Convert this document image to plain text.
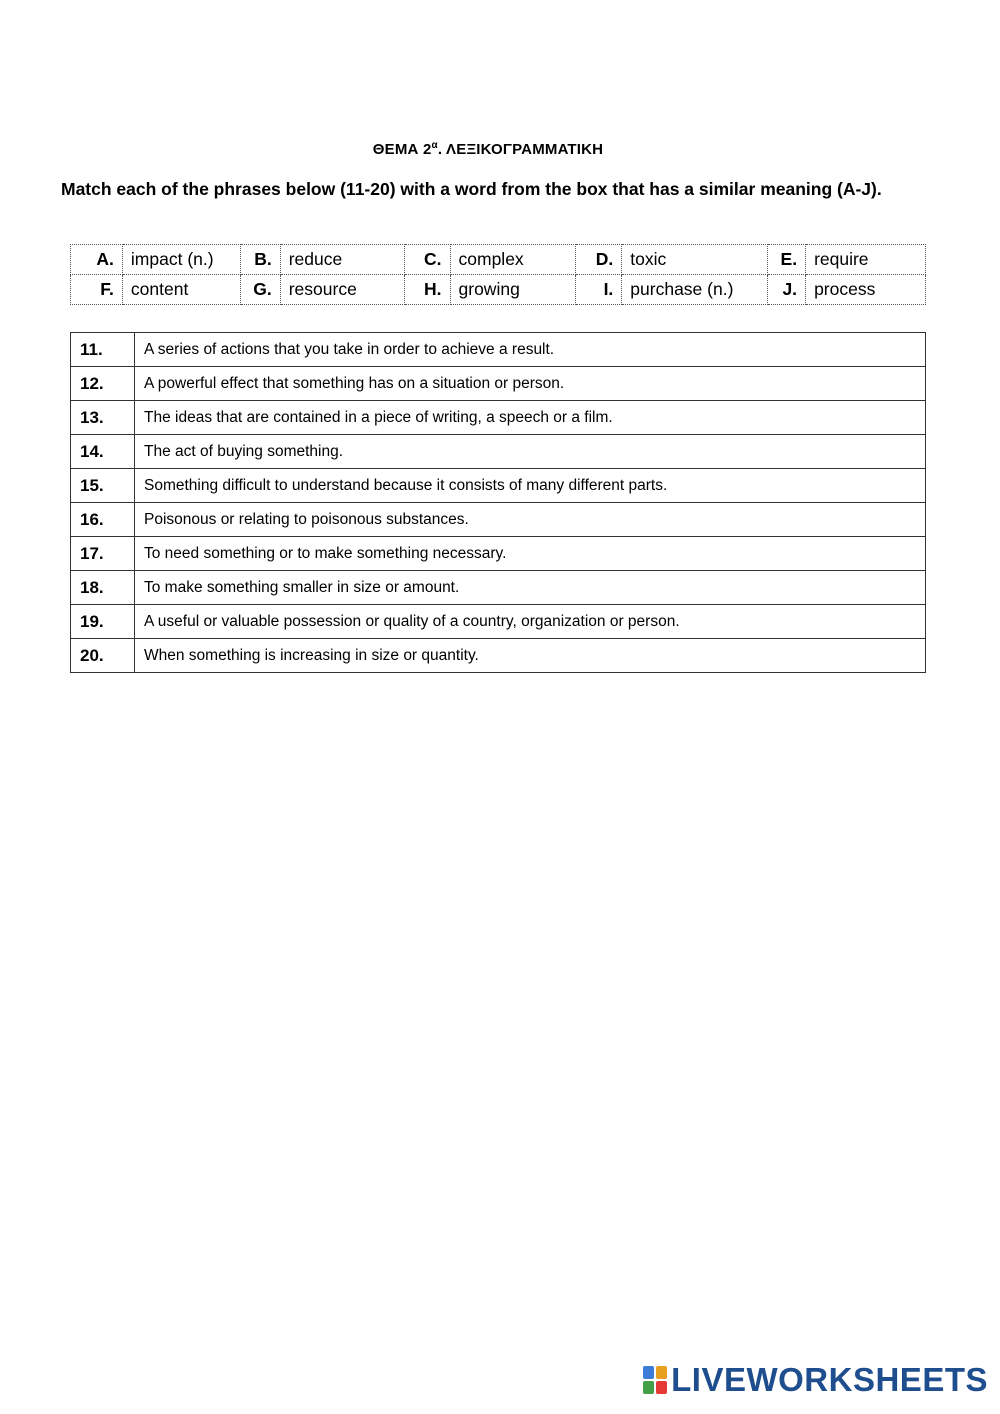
ΘΕΜΑ $2^\alpha$. ΛΕΞΙΚΟΓΡΑΜΜΑΤΙΚΗ
Match each of the phrases below (11-20) with a word from the box that has a similar meaning (A-J).
A.	impact (n.)	B.	reduce	C.	complex	D.	toxic	E.	require
F.	content	G.	resource	H.	growing	I.	purchase (n.)	J.	process
11.	A series of actions that you take in order to achieve a result.
12.	A powerful effect that something has on a situation or person.
13.	The ideas that are contained in a piece of writing, a speech or a film.
14.	The act of buying something.
15.	Something difficult to understand because it consists of many different parts.
16.	Poisonous or relating to poisonous substances.
17.	To need something or to make something necessary.
18.	To make something smaller in size or amount.
19.	A useful or valuable possession or quality of a country, organization or person.
20.	When something is increasing in size or quantity.
LIVEWORKSHEETS
